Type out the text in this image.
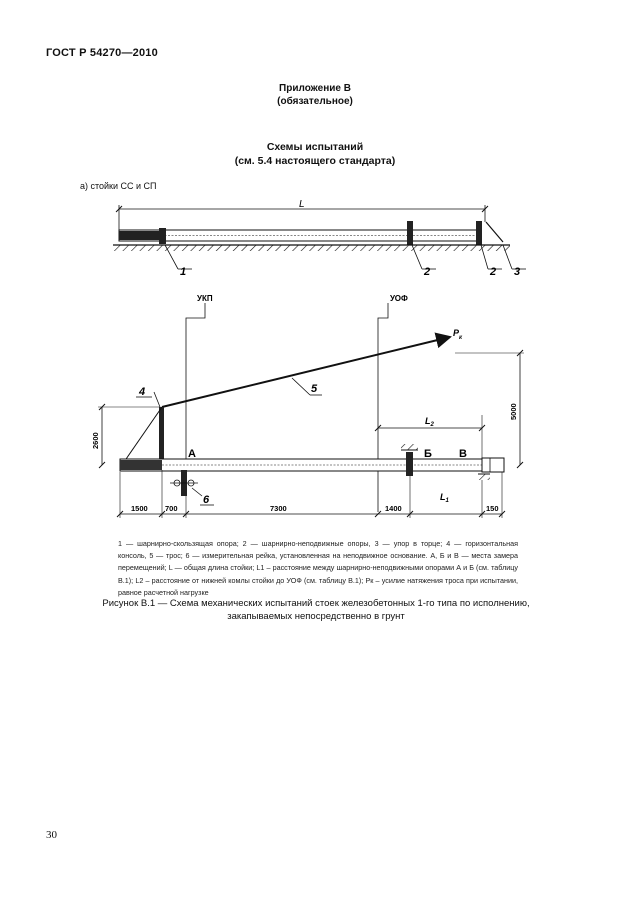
ГОСТ Р 54270—2010
Приложение В
(обязательное)
Схемы испытаний
(см. 5.4 настоящего стандарта)
а) стойки СС и СП
L
1	2	2 3
УКП	УОФ
$P_к$
5
4
2600
5000
$L_2$
6
А	Б В
$L_1$
1500 700	7300	1400	150
1 — шарнирно-скользящая опора; 2 — шарнирно-неподвижные опоры, 3 — упор в торце; 4 — горизонтальная консоль, 5 — трос; 6 — измерительная рейка, установленная на неподвижное основание. А, Б и В — места замера перемещений; L — общая длина стойки; L1 – расстояние между шарнирно-неподвижными опорами А и Б (см. таблицу В.1); L2 – расстояние от нижней комлы стойки до УОФ (см. таблицу В.1); Pк – усилие натяжения троса при испытании, равное расчетной нагрузке
Рисунок В.1 — Схема механических испытаний стоек железобетонных 1-го типа по исполнению, закапываемых непосредственно в грунт
30
